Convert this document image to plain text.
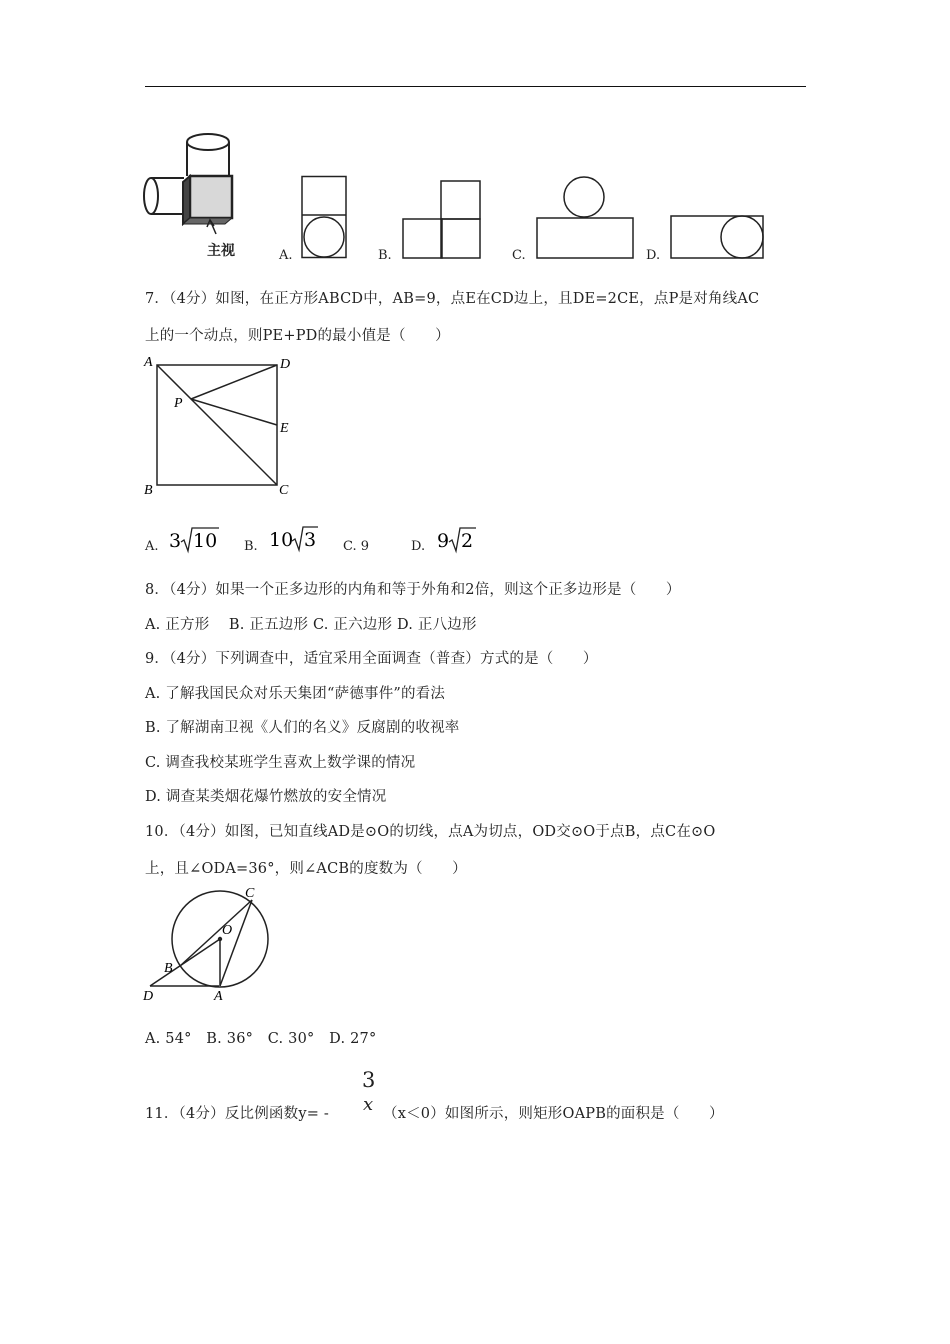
主视	A.	B.	C.	D.
7．（4分）如图，在正方形ABCD中，AB=9，点E在CD边上，且DE=2CE，点P是对角线AC
上的一个动点，则PE+PD的最小值是（　　）
A	D
P
E
B	C
A. 3 10 B. 10 3 C. 9	D. 9 2
8．（4分）如果一个正多边形的内角和等于外角和2倍，则这个正多边形是（　　）
A. 正方形　 B. 正五边形 C. 正六边形 D. 正八边形
9．（4分）下列调查中，适宜采用全面调查（普查）方式的是（　　）
A. 了解我国民众对乐天集团“萨德事件”的看法
B. 了解湖南卫视《人们的名义》反腐剧的收视率
C. 调查我校某班学生喜欢上数学课的情况
D. 调查某类烟花爆竹燃放的安全情况
10．（4分）如图，已知直线AD是⊙O的切线，点A为切点，OD交⊙O于点B，点C在⊙O
上，且∠ODA=36°，则∠ACB的度数为（　　）
C
O
B
D	A
A. 54°　B. 36°　C. 30°　D. 27°
11．（4分）反比例函数y= -
3
x （x＜0）如图所示，则矩形OAPB的面积是（　　）
